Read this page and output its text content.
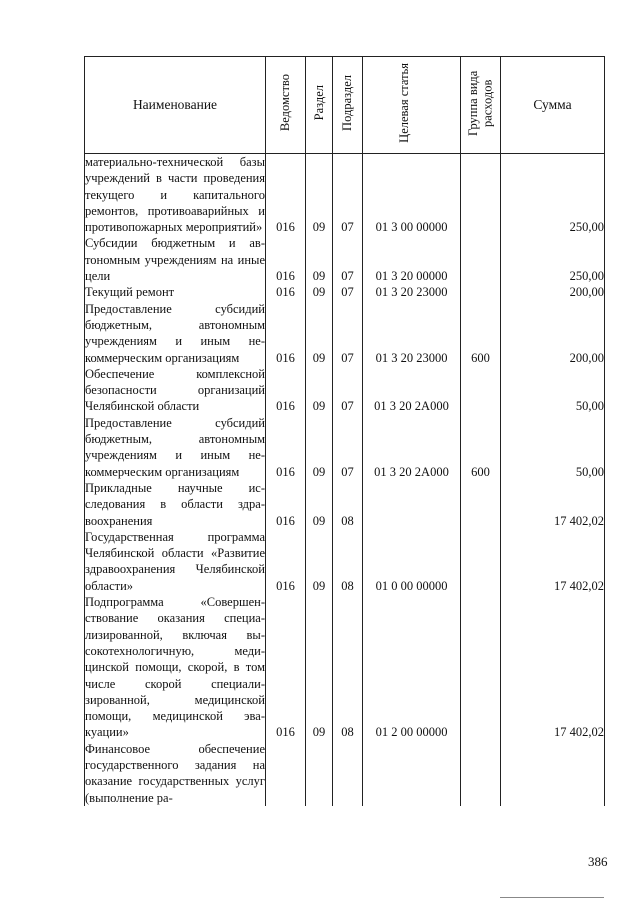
Наименование	Ведомство	Раздел	Подраздел	Целевая статья	Группа вида расходов	Сумма
материально-технической базы учреждений в части проведения текущего и капитального ремонтов, противоаварийных и противопожарных мероприятий»	016	09	07	01 3 00 00000		250,00
Субсидии бюджетным и автономным учреждениям на иные цели	016	09	07	01 3 20 00000		250,00
Текущий ремонт	016	09	07	01 3 20 23000		200,00
Предоставление субсидий бюджетным, автономным учреждениям и иным некоммерческим организациям	016	09	07	01 3 20 23000	600	200,00
Обеспечение комплексной безопасности организаций Челябинской области	016	09	07	01 3 20 2А000		50,00
Предоставление субсидий бюджетным, автономным учреждениям и иным некоммерческим организациям	016	09	07	01 3 20 2А000	600	50,00
Прикладные научные исследования в области здравоохранения	016	09	08			17 402,02
Государственная программа Челябинской области «Развитие здравоохранения Челябинской области»	016	09	08	01 0 00 00000		17 402,02
Подпрограмма «Совершенствование оказания специализированной, включая высокотехнологичную, медицинской помощи, скорой, в том числе скорой специализированной, медицинской помощи, медицинской эвакуации»	016	09	08	01 2 00 00000		17 402,02
Финансовое обеспечение государственного задания на оказание государственных услуг (выполнение ра-						
386
